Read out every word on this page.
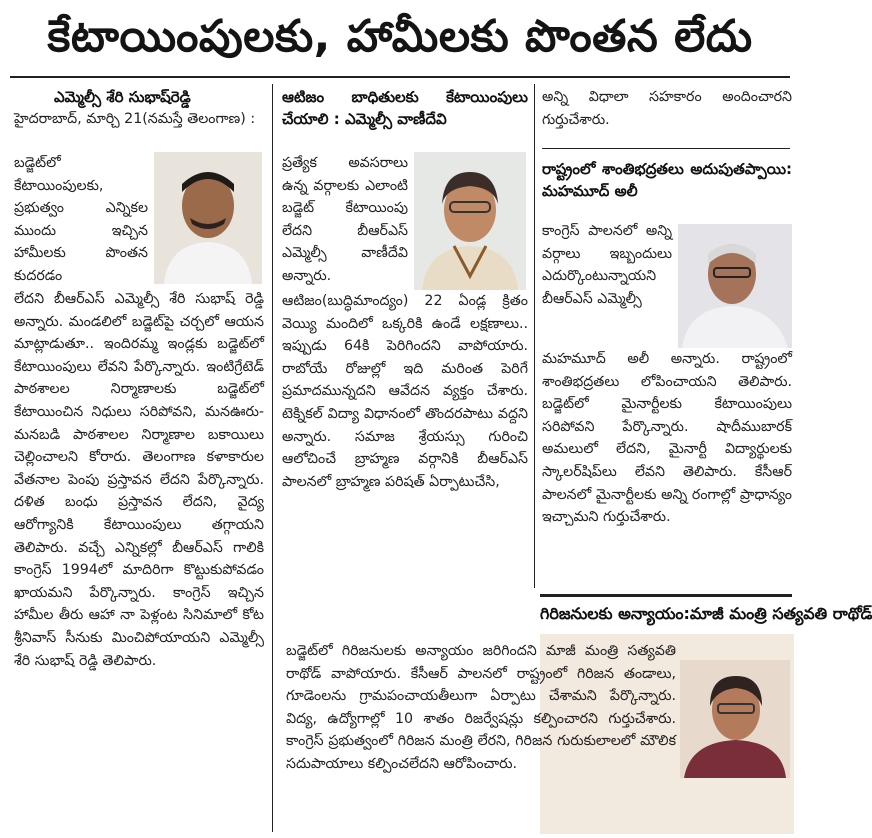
కేటాయింపులకు, హామీలకు పొంతన లేదు

ఎమ్మెల్సీ శేరి సుభాష్‌రెడ్డి

హైదరాబాద్, మార్చి 21(నమస్తే తెలంగాణ) :

బడ్జెట్‌లో కేటాయింపులకు, ప్రభుత్వం ఎన్నికల ముందు ఇచ్చిన హామీలకు పొంతన కుదరడం

లేదని బీఆర్ఎస్ ఎమ్మెల్సీ శేరి సుభాష్ రెడ్డి అన్నారు. మండలిలో బడ్జెట్‌పై చర్చలో ఆయన మాట్లాడుతూ.. ఇందిరమ్మ ఇండ్లకు బడ్జెట్‌లో కేటాయింపులు లేవని పేర్కొన్నారు. ఇంటిగ్రేటెడ్ పాఠశాలల నిర్మాణాలకు బడ్జెట్‌లో కేటాయించిన నిధులు సరిపోవని, మనఊరు-మనబడి పాఠశాలల నిర్మాణాల బకాయిలు చెల్లించాలని కోరారు. తెలంగాణ కళాకారుల వేతనాల పెంపు ప్రస్తావన లేదని పేర్కొన్నారు. దళిత బంధు ప్రస్తావన లేదని, వైద్య ఆరోగ్యానికి కేటాయింపులు తగ్గాయని తెలిపారు. వచ్చే ఎన్నికల్లో బీఆర్ఎస్ గాలికి కాంగ్రెస్ 1994లో మాదిరిగా కొట్టుకుపోవడం ఖాయమని పేర్కొన్నారు. కాంగ్రెస్ ఇచ్చిన హామీల తీరు ఆహా నా పెళ్లంట సినిమాలో కోట శ్రీనివాస్ సీనుకు మించిపోయాయని ఎమ్మెల్సీ శేరి సుభాష్ రెడ్డి తెలిపారు.

ఆటిజం బాధితులకు కేటాయింపులు చేయాలి : ఎమ్మెల్సీ వాణీదేవి

ప్రత్యేక అవసరాలు ఉన్న వర్గాలకు ఎలాంటి బడ్జెట్ కేటాయింపు లేదని బీఆర్ఎస్ ఎమ్మెల్సీ వాణీదేవి అన్నారు.

ఆటిజం(బుద్ధిమాంద్యం) 22 ఏండ్ల క్రితం వెయ్యి మందిలో ఒక్కరికి ఉండే లక్షణాలు.. ఇప్పుడు 64కి పెరిగిందని వాపోయారు. రాబోయే రోజుల్లో ఇది మరింత పెరిగే ప్రమాదమున్నదని ఆవేదన వ్యక్తం చేశారు. టెక్నికల్ విద్యా విధానంలో తొందరపాటు వద్దని అన్నారు. సమాజ శ్రేయస్సు గురించి ఆలోచించే బ్రాహ్మణ వర్గానికి బీఆర్ఎస్ పాలనలో బ్రాహ్మణ పరిషత్ ఏర్పాటుచేసి,

అన్ని విధాలా సహకారం అందించారని గుర్తుచేశారు.

రాష్ట్రంలో శాంతిభద్రతలు అదుపుతప్పాయి: మహమూద్ అలీ

కాంగ్రెస్ పాలనలో అన్ని వర్గాలు ఇబ్బందులు ఎదుర్కొంటున్నాయని బీఆర్ఎస్ ఎమ్మెల్సీ

మహమూద్ అలీ అన్నారు. రాష్ట్రంలో శాంతిభద్రతలు లోపించాయని తెలిపారు. బడ్జెట్‌లో మైనార్టీలకు కేటాయింపులు సరిపోవని పేర్కొన్నారు. షాదీముబారక్ అమలులో లేదని, మైనార్టీ విద్యార్థులకు స్కాలర్‌షిప్‌లు లేవని తెలిపారు. కేసీఆర్ పాలనలో మైనార్టీలకు అన్ని రంగాల్లో ప్రాధాన్యం ఇచ్చామని గుర్తుచేశారు.

గిరిజనులకు అన్యాయం:మాజీ మంత్రి సత్యవతి రాథోడ్

బడ్జెట్‌లో గిరిజనులకు అన్యాయం జరిగిందని మాజీ మంత్రి సత్యవతి రాథోడ్ వాపోయారు. కేసీఆర్ పాలనలో రాష్ట్రంలో గిరిజన తండాలు, గూడెంలను గ్రామపంచాయతీలుగా ఏర్పాటు చేశామని పేర్కొన్నారు. విద్య, ఉద్యోగాల్లో 10 శాతం రిజర్వేషన్లు కల్పించారని గుర్తుచేశారు. కాంగ్రెస్ ప్రభుత్వంలో గిరిజన మంత్రి లేరని, గిరిజన గురుకులాలలో మౌలిక సదుపాయాలు కల్పించలేదని ఆరోపించారు.
